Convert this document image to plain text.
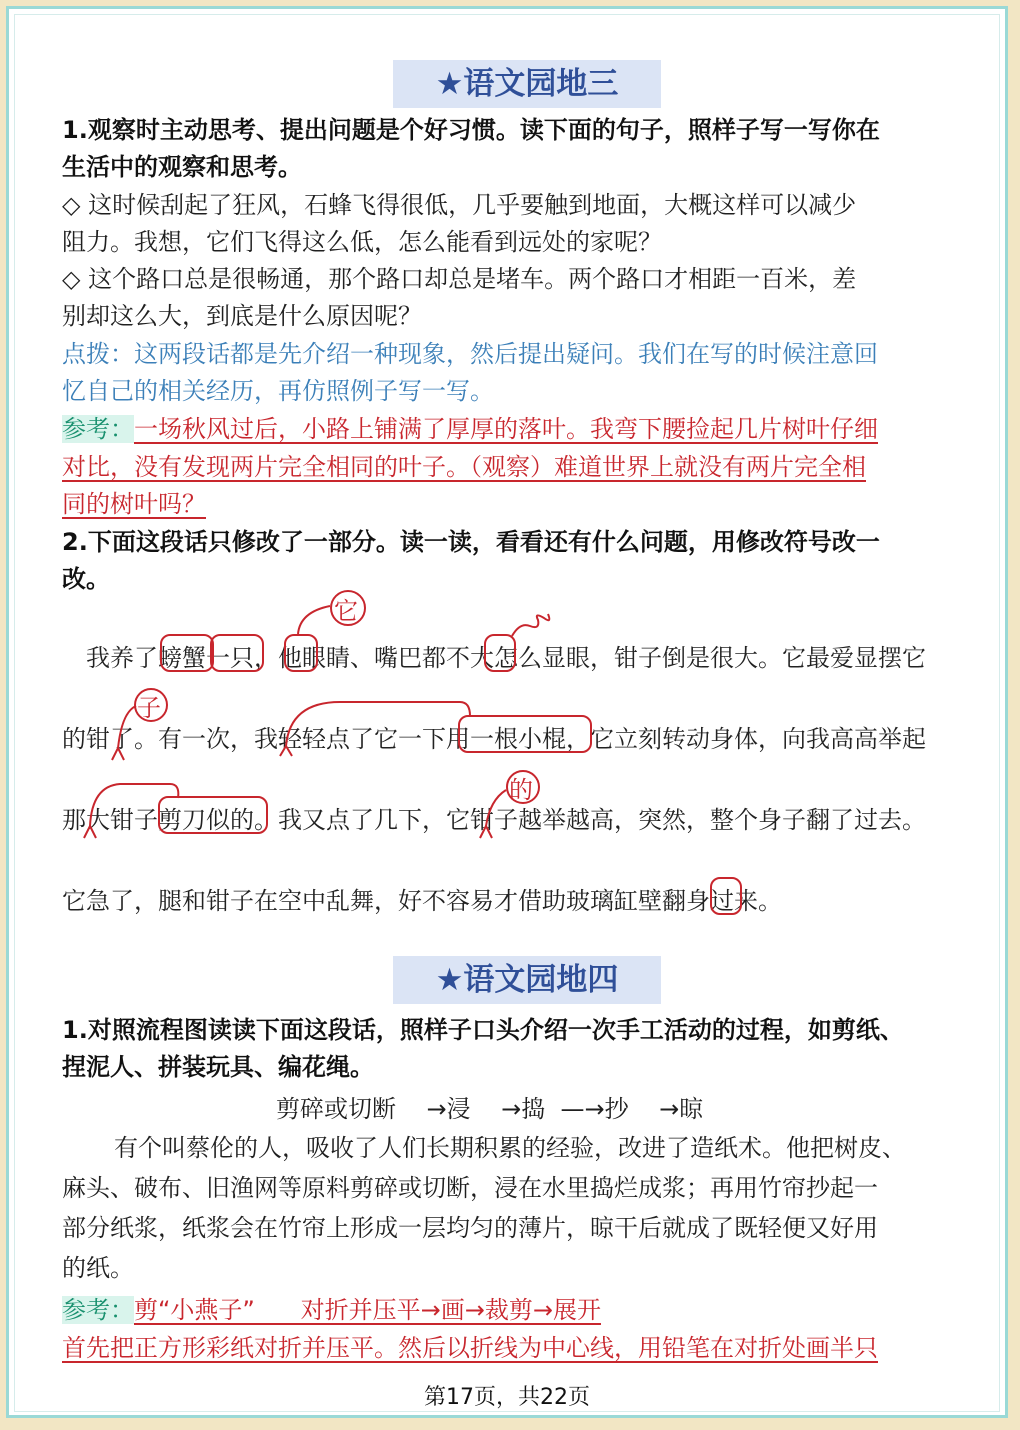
★语文园地三
1.观察时主动思考、提出问题是个好习惯。读下面的句子，照样子写一写你在
生活中的观察和思考。
◇ 这时候刮起了狂风，石蜂飞得很低，几乎要触到地面，大概这样可以减少
阻力。我想，它们飞得这么低，怎么能看到远处的家呢？
◇ 这个路口总是很畅通，那个路口却总是堵车。两个路口才相距一百米，差
别却这么大，到底是什么原因呢？
点拨：这两段话都是先介绍一种现象，然后提出疑问。我们在写的时候注意回
忆自己的相关经历，再仿照例子写一写。
参考：一场秋风过后，小路上铺满了厚厚的落叶。我弯下腰捡起几片树叶仔细
对比，没有发现两片完全相同的叶子。（观察）难道世界上就没有两片完全相
同的树叶吗？
2.下面这段话只修改了一部分。读一读，看看还有什么问题，用修改符号改一
改。
我养了螃蟹一只，他眼睛、嘴巴都不大怎么显眼，钳子倒是很大。它最爱显摆它
的钳了。有一次，我轻轻点了它一下用一根小棍，它立刻转动身体，向我高高举起
那大钳子剪刀似的。我又点了几下，它钳子越举越高，突然，整个身子翻了过去。
它急了，腿和钳子在空中乱舞，好不容易才借助玻璃缸壁翻身过来。
它
子
的
★语文园地四
1.对照流程图读读下面这段话，照样子口头介绍一次手工活动的过程，如剪纸、
捏泥人、拼装玩具、编花绳。
剪碎或切断    →浸    →捣  —→抄    →晾
有个叫蔡伦的人，吸收了人们长期积累的经验，改进了造纸术。他把树皮、
麻头、破布、旧渔网等原料剪碎或切断，浸在水里捣烂成浆；再用竹帘抄起一
部分纸浆，纸浆会在竹帘上形成一层均匀的薄片，晾干后就成了既轻便又好用
的纸。
参考：剪“小燕子”      对折并压平→画→裁剪→展开
首先把正方形彩纸对折并压平。然后以折线为中心线，用铅笔在对折处画半只
第17页，共22页
